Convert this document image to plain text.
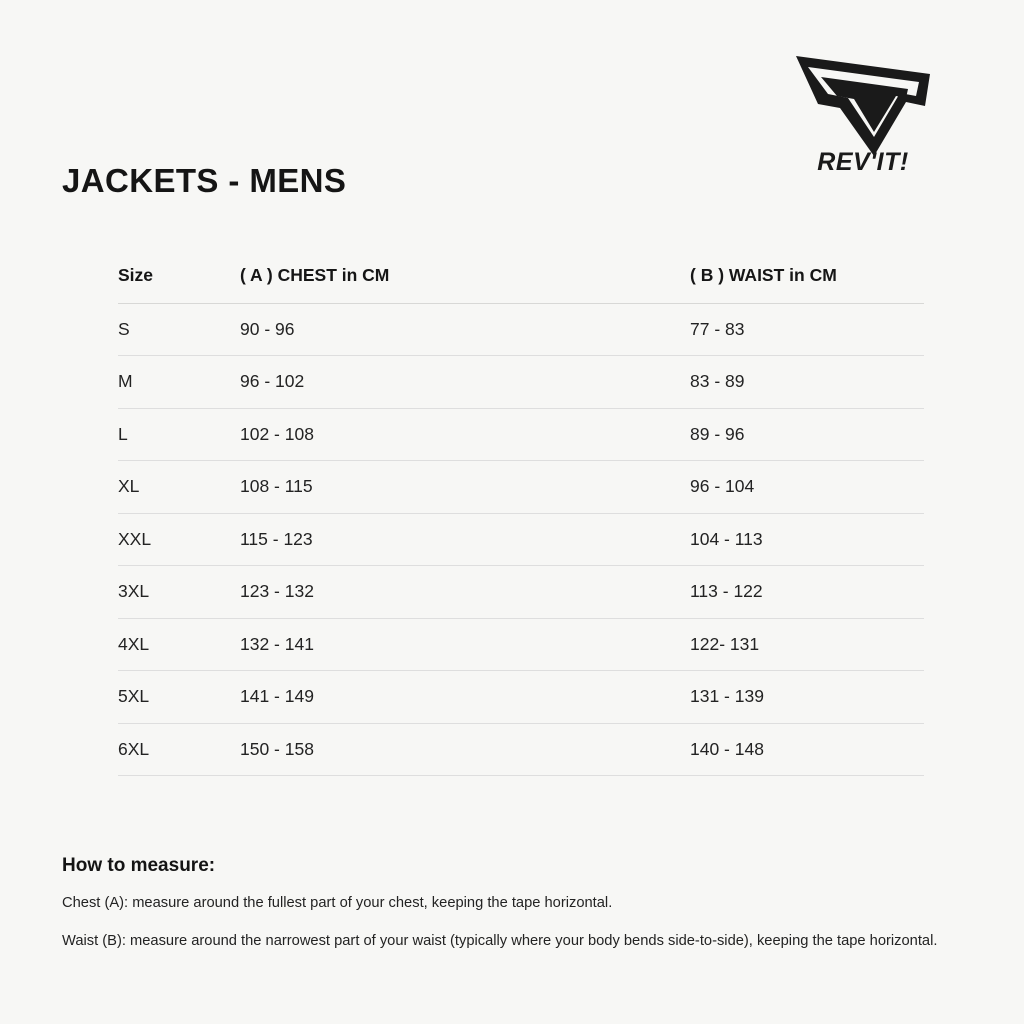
REV'IT!
JACKETS - MENS
Size	( A ) CHEST in CM	( B ) WAIST in CM
S	90 - 96	77 - 83
M	96 - 102	83 - 89
L	102 - 108	89 - 96
XL	108 - 115	96 - 104
XXL	115 - 123	104 - 113
3XL	123 - 132	113 - 122
4XL	132 - 141	122- 131
5XL	141 - 149	131 - 139
6XL	150 - 158	140 - 148
How to measure:

Chest (A): measure around the fullest part of your chest, keeping the tape horizontal.

Waist (B): measure around the narrowest part of your waist (typically where your body bends side-to-side), keeping the tape horizontal.
